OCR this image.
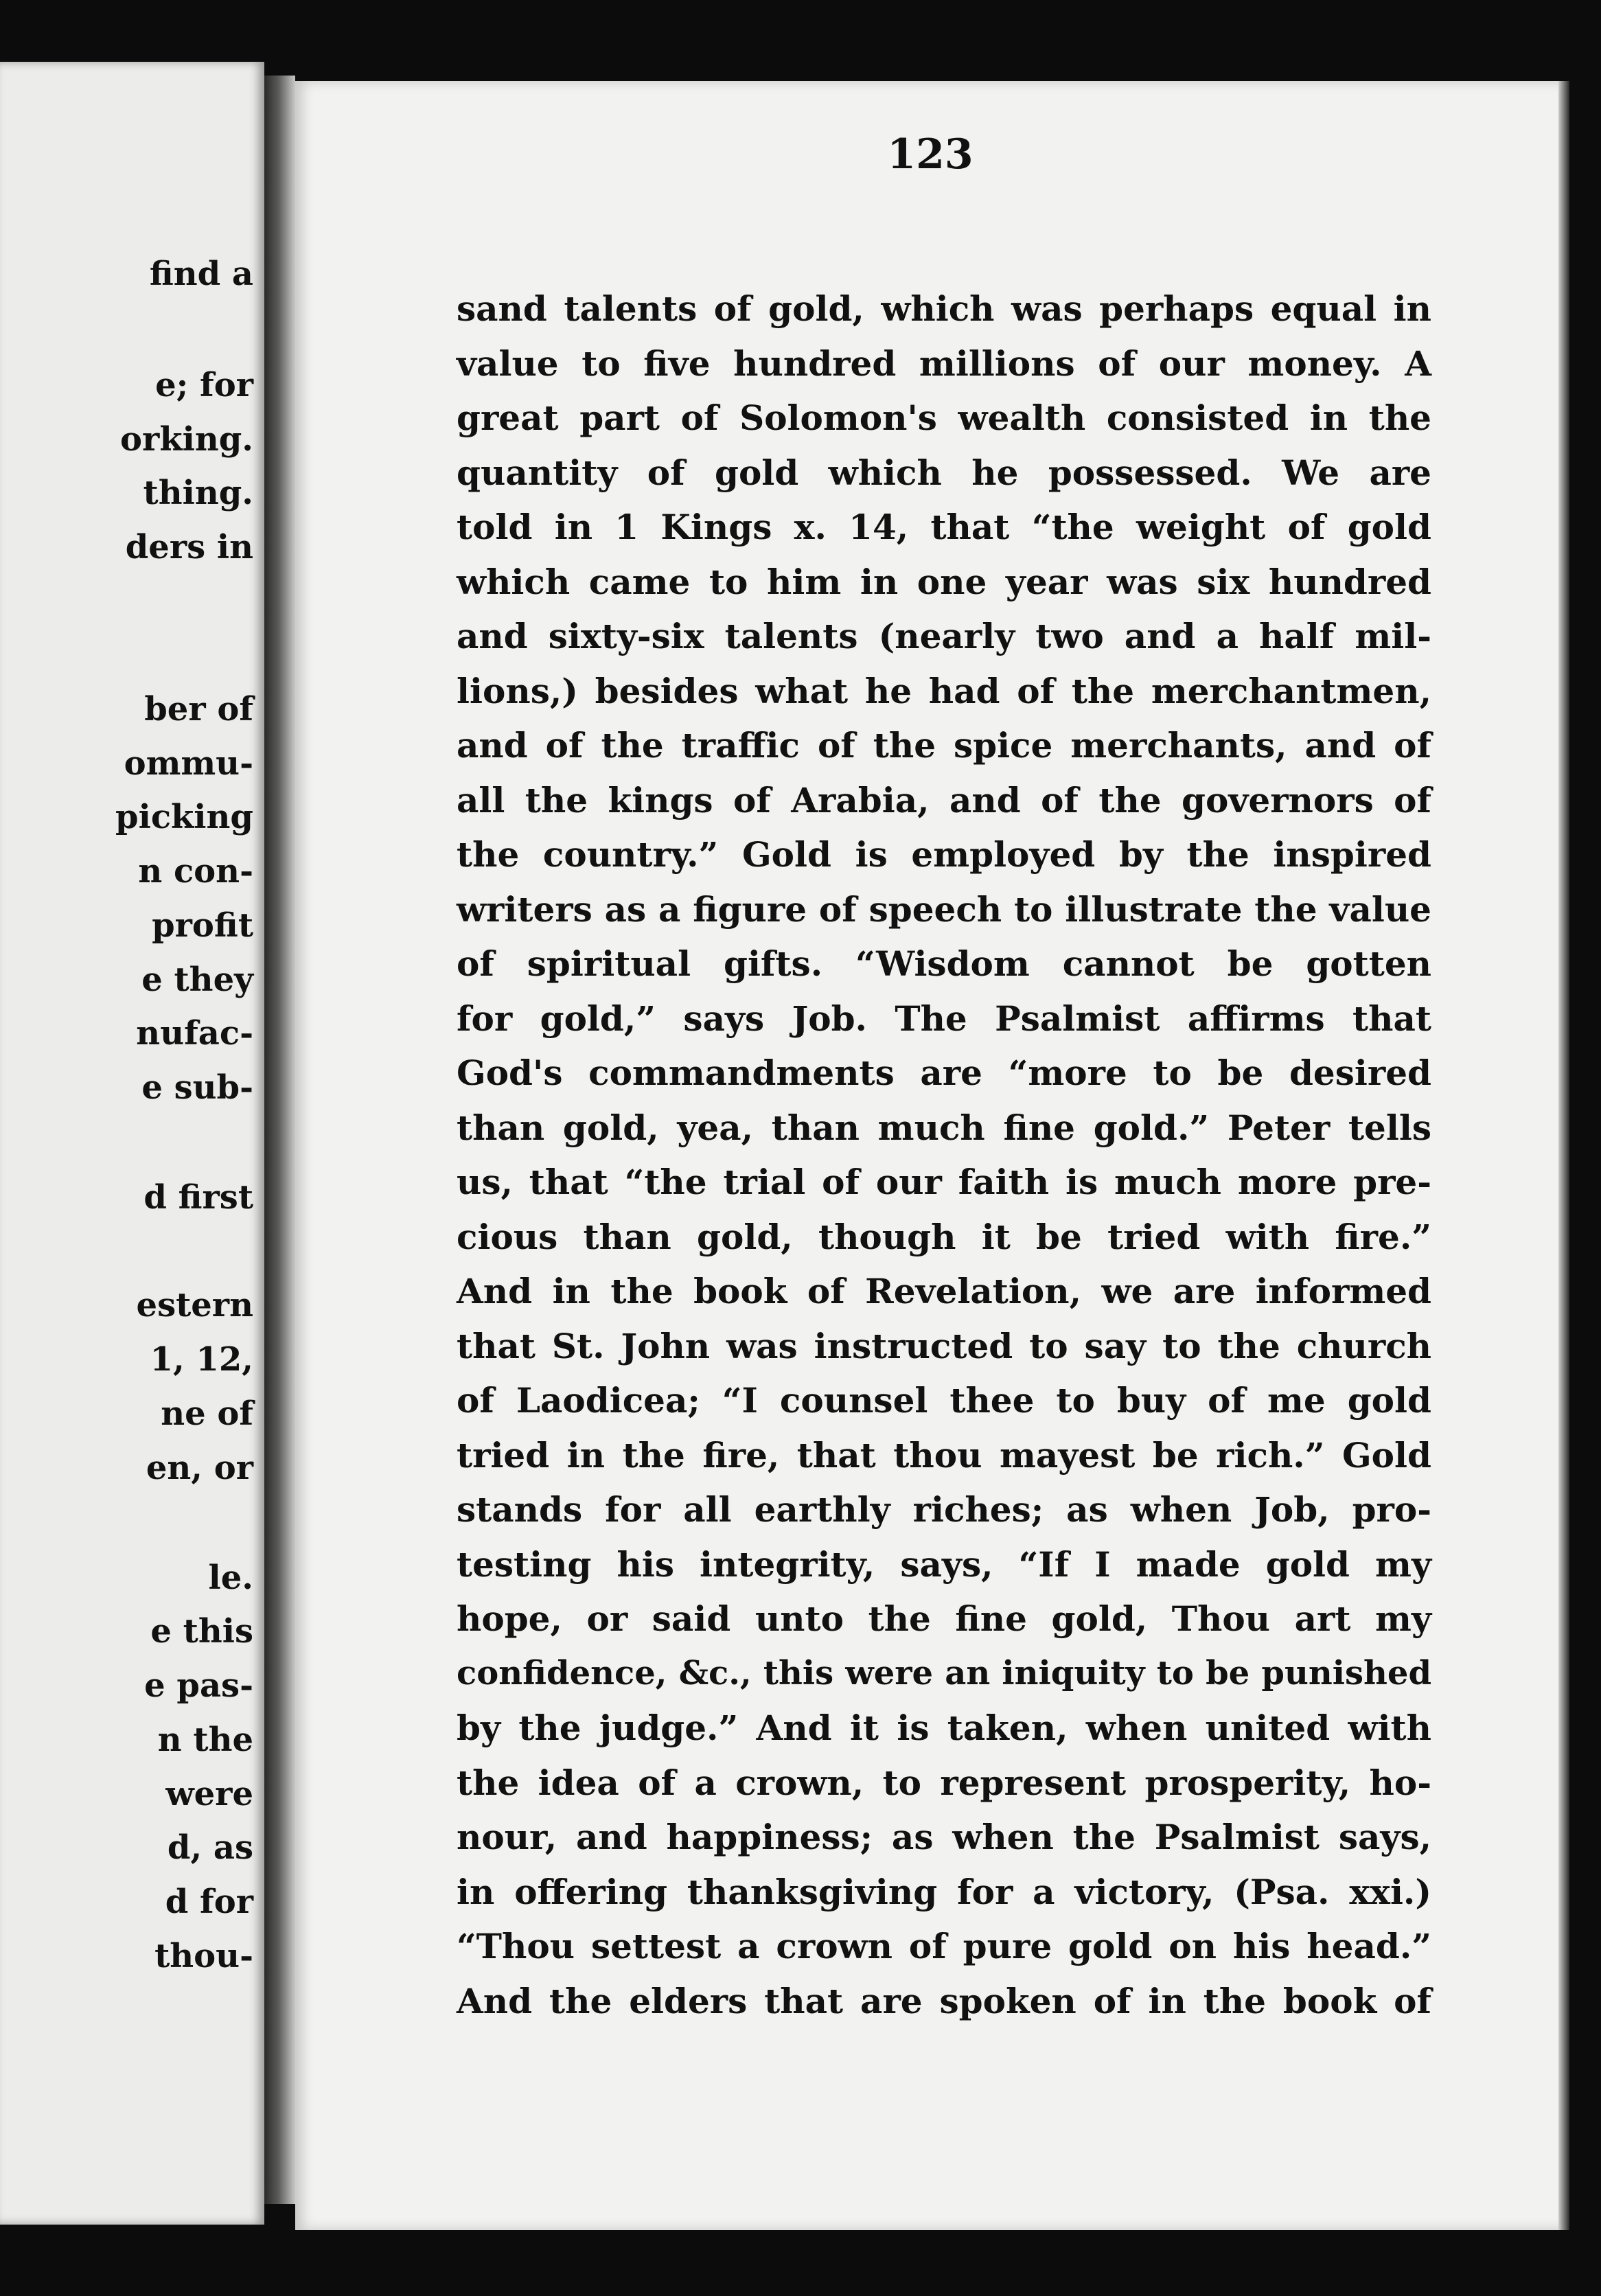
find a
e; for
orking.
thing.
ders in
ber of
ommu-
picking
n con-
profit
e they
nufac-
e sub-
d first
estern
1, 12,
ne of
en, or
le.
e this
e pas-
n the
were
d, as
d for
thou-
123
sand talents of gold, which was perhaps equal in
value to five hundred millions of our money. A
great part of Solomon's wealth consisted in the
quantity of gold which he possessed. We are
told in 1 Kings x. 14, that “the weight of gold
which came to him in one year was six hundred
and sixty-six talents (nearly two and a half mil-
lions,) besides what he had of the merchantmen,
and of the traffic of the spice merchants, and of
all the kings of Arabia, and of the governors of
the country.” Gold is employed by the inspired
writers as a figure of speech to illustrate the value
of spiritual gifts. “Wisdom cannot be gotten
for gold,” says Job. The Psalmist affirms that
God's commandments are “more to be desired
than gold, yea, than much fine gold.” Peter tells
us, that “the trial of our faith is much more pre-
cious than gold, though it be tried with fire.”
And in the book of Revelation, we are informed
that St. John was instructed to say to the church
of Laodicea; “I counsel thee to buy of me gold
tried in the fire, that thou mayest be rich.” Gold
stands for all earthly riches; as when Job, pro-
testing his integrity, says, “If I made gold my
hope, or said unto the fine gold, Thou art my
confidence, &c., this were an iniquity to be punished
by the judge.” And it is taken, when united with
the idea of a crown, to represent prosperity, ho-
nour, and happiness; as when the Psalmist says,
in offering thanksgiving for a victory, (Psa. xxi.)
“Thou settest a crown of pure gold on his head.”
And the elders that are spoken of in the book of
